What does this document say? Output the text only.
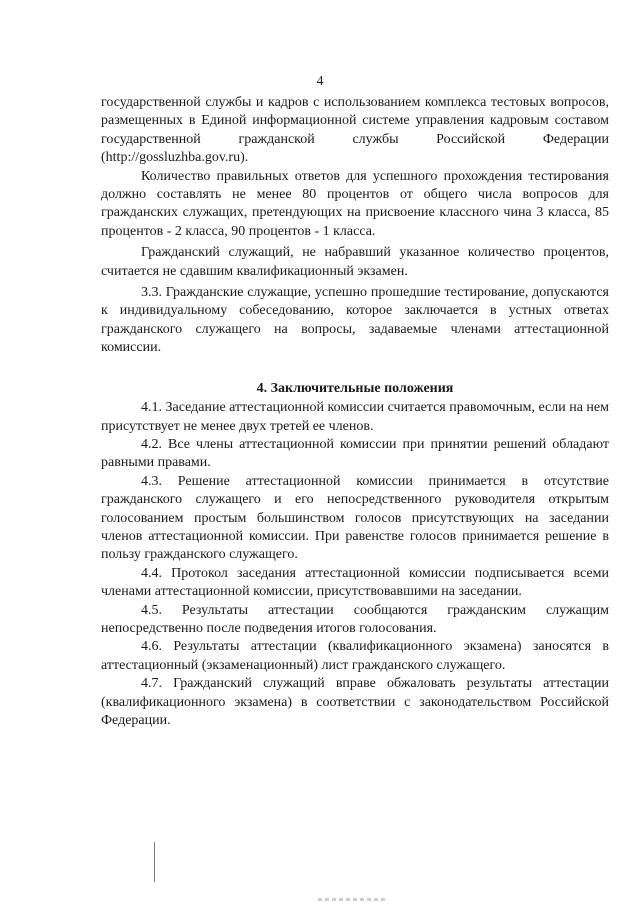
4

государственной службы и кадров с использованием комплекса тестовых вопросов, размещенных в Единой информационной системе управления кадровым составом государственной гражданской службы Российской Федерации (http://gossluzhba.gov.ru).

Количество правильных ответов для успешного прохождения тестирования должно составлять не менее 80 процентов от общего числа вопросов для гражданских служащих, претендующих на присвоение классного чина 3 класса, 85 процентов - 2 класса, 90 процентов - 1 класса.

Гражданский служащий, не набравший указанное количество процентов, считается не сдавшим квалификационный экзамен.

3.3. Гражданские служащие, успешно прошедшие тестирование, допускаются к индивидуальному собеседованию, которое заключается в устных ответах гражданского служащего на вопросы, задаваемые членами аттестационной комиссии.

4. Заключительные положения

4.1. Заседание аттестационной комиссии считается правомочным, если на нем присутствует не менее двух третей ее членов.

4.2. Все члены аттестационной комиссии при принятии решений обладают равными правами.

4.3. Решение аттестационной комиссии принимается в отсутствие гражданского служащего и его непосредственного руководителя открытым голосованием простым большинством голосов присутствующих на заседании членов аттестационной комиссии. При равенстве голосов принимается решение в пользу гражданского служащего.

4.4. Протокол заседания аттестационной комиссии подписывается всеми членами аттестационной комиссии, присутствовавшими на заседании.

4.5. Результаты аттестации сообщаются гражданским служащим непосредственно после подведения итогов голосования.

4.6. Результаты аттестации (квалификационного экзамена) заносятся в аттестационный (экзаменационный) лист гражданского служащего.

4.7. Гражданский служащий вправе обжаловать результаты аттестации (квалификационного экзамена) в соответствии с законодательством Российской Федерации.
